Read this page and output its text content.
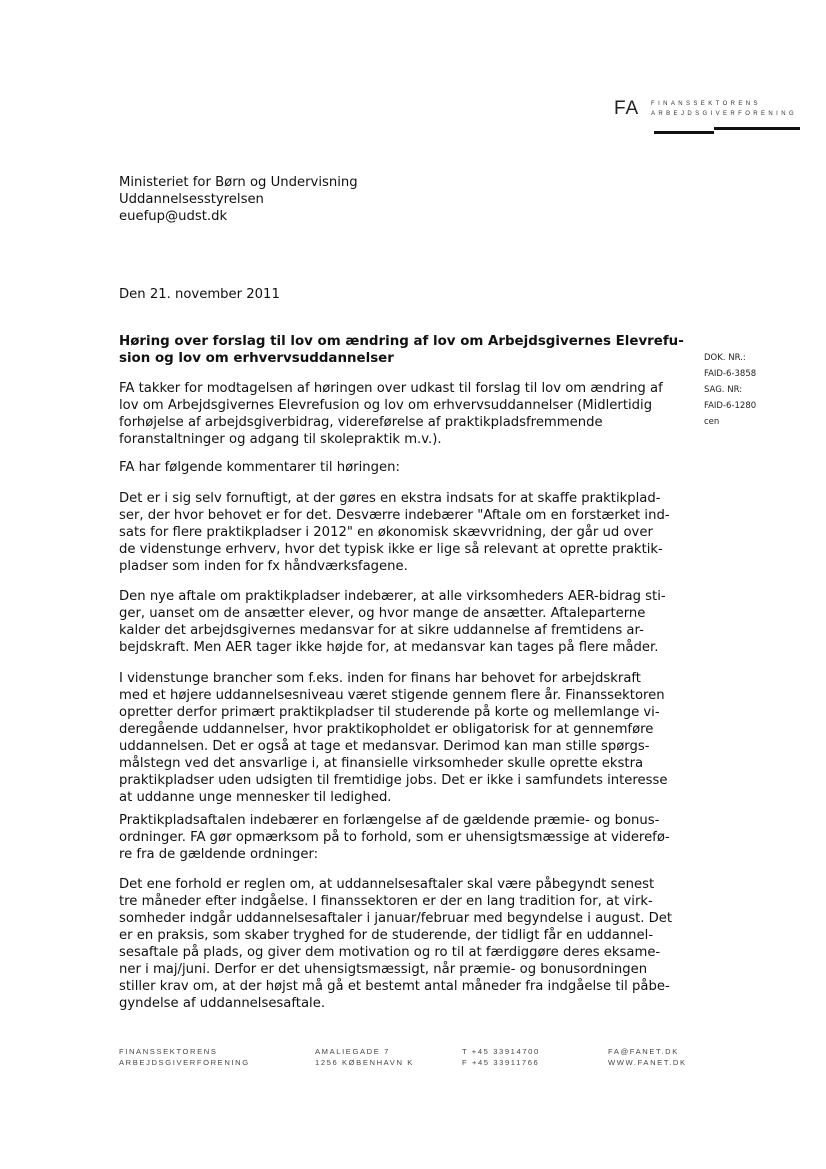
FA FINANSSEKTORENS
ARBEJDSGIVERFORENING
Ministeriet for Børn og Undervisning
Uddannelsesstyrelsen
euefup@udst.dk
Den 21. november 2011
Høring over forslag til lov om ændring af lov om Arbejdsgivernes Elevrefu-
sion og lov om erhvervsuddannelser	DOK. NR.:
FAID-6-3858
SAG. NR:
FAID-6-1280
cen
FA takker for modtagelsen af høringen over udkast til forslag til lov om ændring af
lov om Arbejdsgivernes Elevrefusion og lov om erhvervsuddannelser (Midlertidig
forhøjelse af arbejdsgiverbidrag, videreførelse af praktikpladsfremmende
foranstaltninger og adgang til skolepraktik m.v.).
FA har følgende kommentarer til høringen:
Det er i sig selv fornuftigt, at der gøres en ekstra indsats for at skaffe praktikplad-
ser, der hvor behovet er for det. Desværre indebærer "Aftale om en forstærket ind-
sats for flere praktikpladser i 2012" en økonomisk skævvridning, der går ud over
de videnstunge erhverv, hvor det typisk ikke er lige så relevant at oprette praktik-
pladser som inden for fx håndværksfagene.
Den nye aftale om praktikpladser indebærer, at alle virksomheders AER-bidrag sti-
ger, uanset om de ansætter elever, og hvor mange de ansætter. Aftaleparterne
kalder det arbejdsgivernes medansvar for at sikre uddannelse af fremtidens ar-
bejdskraft. Men AER tager ikke højde for, at medansvar kan tages på flere måder.
I videnstunge brancher som f.eks. inden for finans har behovet for arbejdskraft
med et højere uddannelsesniveau været stigende gennem flere år. Finanssektoren
opretter derfor primært praktikpladser til studerende på korte og mellemlange vi-
deregående uddannelser, hvor praktikopholdet er obligatorisk for at gennemføre
uddannelsen. Det er også at tage et medansvar. Derimod kan man stille spørgs-
målstegn ved det ansvarlige i, at finansielle virksomheder skulle oprette ekstra
praktikpladser uden udsigten til fremtidige jobs. Det er ikke i samfundets interesse
at uddanne unge mennesker til ledighed.
Praktikpladsaftalen indebærer en forlængelse af de gældende præmie- og bonus-
ordninger. FA gør opmærksom på to forhold, som er uhensigtsmæssige at viderefø-
re fra de gældende ordninger:
Det ene forhold er reglen om, at uddannelsesaftaler skal være påbegyndt senest
tre måneder efter indgåelse. I finanssektoren er der en lang tradition for, at virk-
somheder indgår uddannelsesaftaler i januar/februar med begyndelse i august. Det
er en praksis, som skaber tryghed for de studerende, der tidligt får en uddannel-
sesaftale på plads, og giver dem motivation og ro til at færdiggøre deres eksame-
ner i maj/juni. Derfor er det uhensigtsmæssigt, når præmie- og bonusordningen
stiller krav om, at der højst må gå et bestemt antal måneder fra indgåelse til påbe-
gyndelse af uddannelsesaftale.
FINANSSEKTORENS
ARBEJDSGIVERFORENING
AMALIEGADE 7
1256 KØBENHAVN K
T +45 33914700
F +45 33911766
FA@FANET.DK
WWW.FANET.DK
